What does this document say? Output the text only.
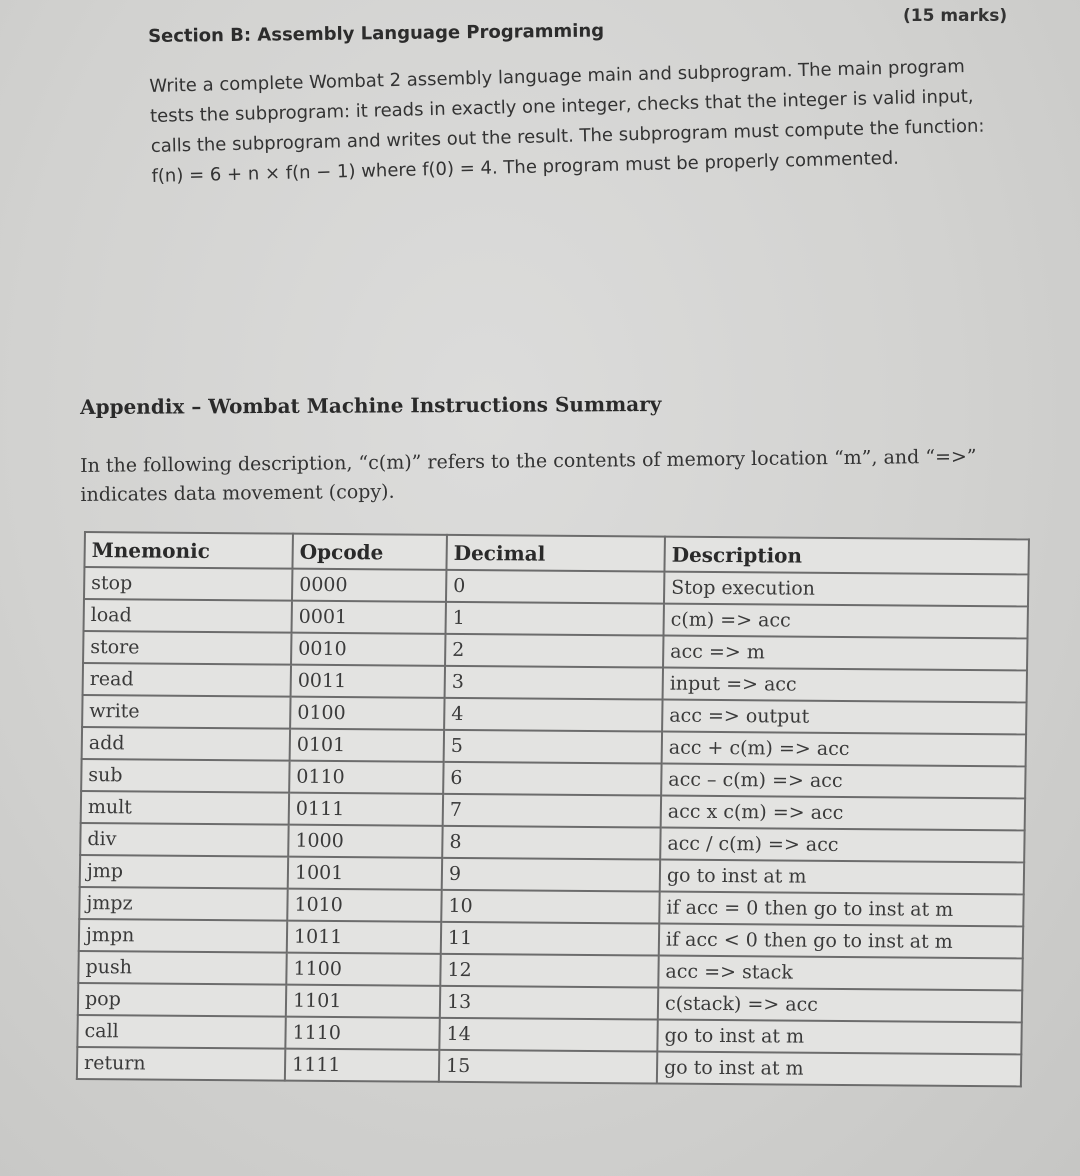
(15 marks)
Section B: Assembly Language Programming

Write a complete Wombat 2 assembly language main and subprogram. The main program

tests the subprogram: it reads in exactly one integer, checks that the integer is valid input,

calls the subprogram and writes out the result. The subprogram must compute the function:

f(n) = 6 + n × f(n − 1) where f(0) = 4. The program must be properly commented.

Appendix – Wombat Machine Instructions Summary

In the following description, “c(m)” refers to the contents of memory location “m”, and “=>”

indicates data movement (copy).

Mnemonic	Opcode	Decimal	Description
stop	0000	0	Stop execution
load	0001	1	c(m) => acc
store	0010	2	acc => m
read	0011	3	input => acc
write	0100	4	acc => output
add	0101	5	acc + c(m) => acc
sub	0110	6	acc – c(m) => acc
mult	0111	7	acc x c(m) => acc
div	1000	8	acc / c(m) => acc
jmp	1001	9	go to inst at m
jmpz	1010	10	if acc = 0 then go to inst at m
jmpn	1011	11	if acc < 0 then go to inst at m
push	1100	12	acc => stack
pop	1101	13	c(stack) => acc
call	1110	14	go to inst at m
return	1111	15	go to inst at m
